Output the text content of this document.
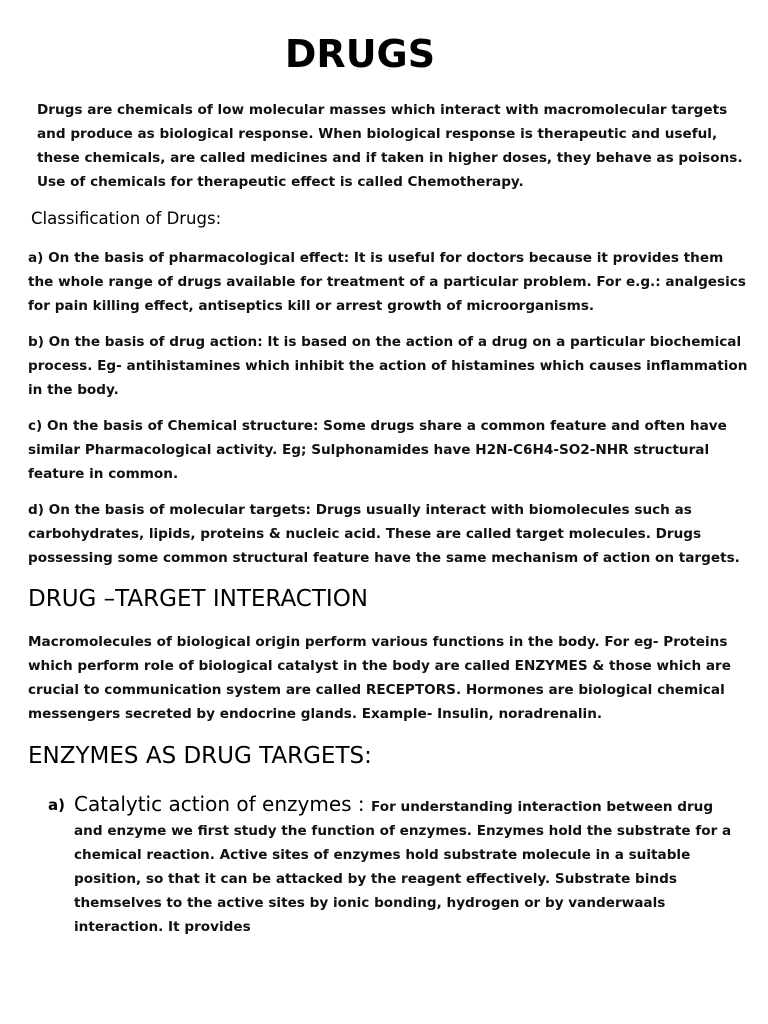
DRUGS

Drugs are chemicals of low molecular masses which interact with macromolecular targets and produce as biological response. When biological response is therapeutic and useful, these chemicals, are called medicines and if taken in higher doses, they behave as poisons. Use of chemicals for therapeutic effect is called Chemotherapy.

Classification of Drugs:

a) On the basis of pharmacological effect: It is useful for doctors because it provides them the whole range of drugs available for treatment of a particular problem. For e.g.: analgesics for pain killing effect, antiseptics kill or arrest growth of microorganisms.

b) On the basis of drug action: It is based on the action of a drug on a particular biochemical process. Eg- antihistamines which inhibit the action of histamines which causes inflammation in the body.

c) On the basis of Chemical structure: Some drugs share a common feature and often have similar Pharmacological activity. Eg; Sulphonamides have H2N-C6H4-SO2-NHR structural feature in common.

d) On the basis of molecular targets: Drugs usually interact with biomolecules such as carbohydrates, lipids, proteins & nucleic acid. These are called target molecules. Drugs possessing some common structural feature have the same mechanism of action on targets.

DRUG –TARGET INTERACTION

Macromolecules of biological origin perform various functions in the body. For eg- Proteins which perform role of biological catalyst in the body are called ENZYMES & those which are crucial to communication system are called RECEPTORS. Hormones are biological chemical messengers secreted by endocrine glands. Example- Insulin, noradrenalin.

ENZYMES AS DRUG TARGETS:
a) Catalytic action of enzymes : For understanding interaction between drug and enzyme we first study the function of enzymes. Enzymes hold the substrate for a chemical reaction. Active sites of enzymes hold substrate molecule in a suitable position, so that it can be attacked by the reagent effectively. Substrate binds themselves to the active sites by ionic bonding, hydrogen or by vanderwaals interaction. It provides
